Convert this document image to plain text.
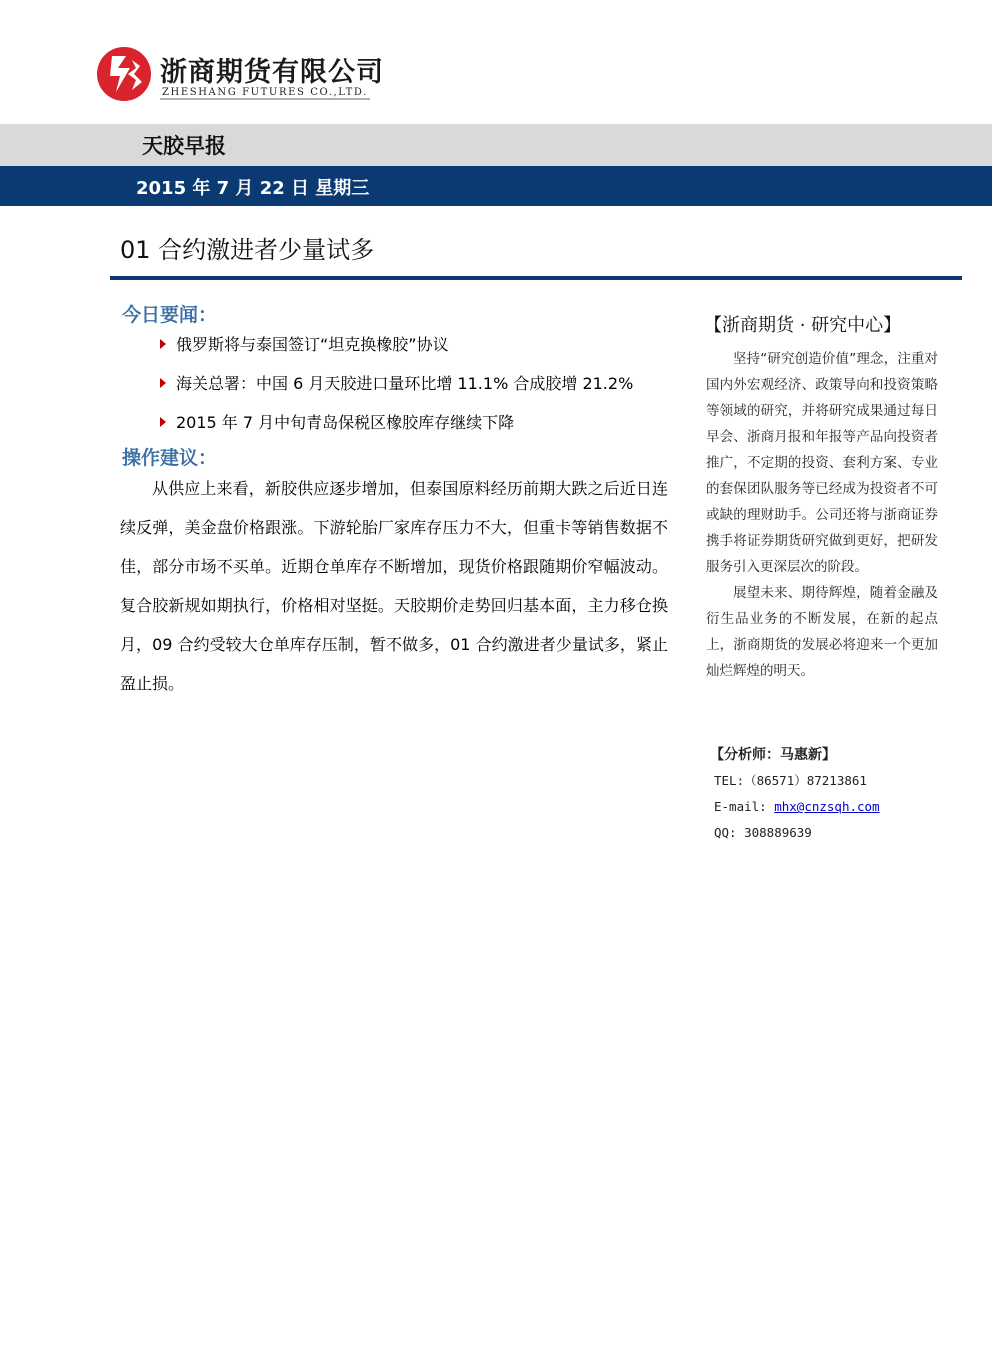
浙商期货有限公司
ZHESHANG FUTURES CO.,LTD.
天胶早报
2015 年 7 月 22 日 星期三
01 合约激进者少量试多
今日要闻：
俄罗斯将与泰国签订“坦克换橡胶”协议
海关总署：中国 6 月天胶进口量环比增 11.1% 合成胶增 21.2%
2015 年 7 月中旬青岛保税区橡胶库存继续下降
操作建议：
从供应上来看，新胶供应逐步增加，但泰国原料经历前期大跌之后近日连续反弹，美金盘价格跟涨。下游轮胎厂家库存压力不大，但重卡等销售数据不佳，部分市场不买单。近期仓单库存不断增加，现货价格跟随期价窄幅波动。复合胶新规如期执行，价格相对坚挺。天胶期价走势回归基本面，主力移仓换月，09 合约受较大仓单库存压制，暂不做多，01 合约激进者少量试多，紧止盈止损。
【浙商期货 · 研究中心】

坚持“研究创造价值”理念，注重对国内外宏观经济、政策导向和投资策略等领域的研究，并将研究成果通过每日早会、浙商月报和年报等产品向投资者推广，不定期的投资、套利方案、专业的套保团队服务等已经成为投资者不可或缺的理财助手。公司还将与浙商证券携手将证券期货研究做到更好，把研发服务引入更深层次的阶段。

展望未来、期待辉煌，随着金融及衍生品业务的不断发展，在新的起点上，浙商期货的发展必将迎来一个更加灿烂辉煌的明天。

【分析师：马惠新】
TEL:（86571）87213861
E-mail: mhx@cnzsqh.com
QQ: 308889639
